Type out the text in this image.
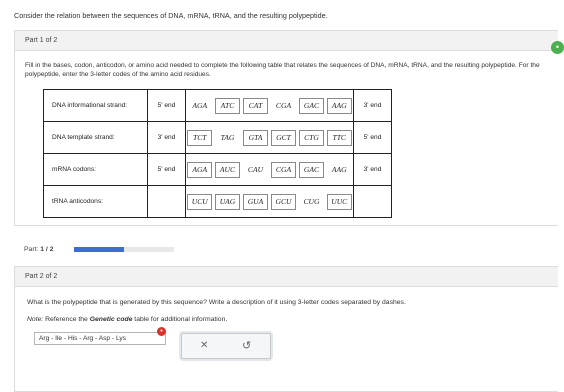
Consider the relation between the sequences of DNA, mRNA, tRNA, and the resulting polypeptide.
Part 1 of 2
•
Fill in the bases, codon, anticodon, or amino acid needed to complete the following table that relates the sequences of DNA, mRNA, tRNA, and the resulting polypeptide. For the polypeptide, enter the 3-letter codes of the amino acid residues.
DNA informational strand:	5' end	AGA	ATC	CAT	CGA	GAC	AAG	3' end
DNA template strand:	3' end	TCT	TAG	GTA	GCT	CTG	TTC	5' end
mRNA codons:	5' end	AGA	AUC	CAU	CGA	GAC	AAG	3' end
tRNA anticodons:		UCU	UAG	GUA	GCU	CUG	UUC	
Part: 1 / 2
Part 2 of 2
What is the polypeptide that is generated by this sequence? Write a description of it using 3-letter codes separated by dashes.
Note: Reference the Genetic code table for additional information.
Arg - Ile - His - Arg - Asp - Lys
•
✕	↺
